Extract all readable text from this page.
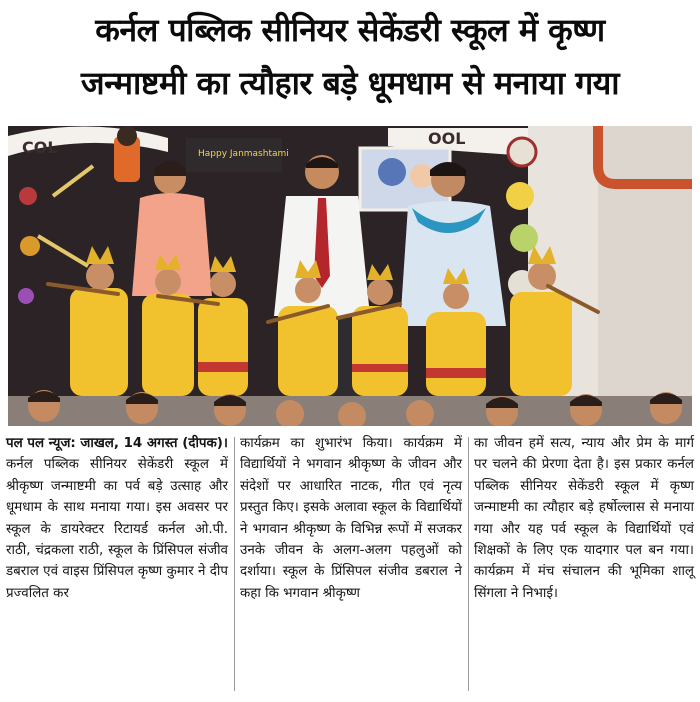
कर्नल पब्लिक सीनियर सेकेंडरी स्कूल में कृष्ण
जन्माष्टमी का त्यौहार बड़े धूमधाम से मनाया गया
COL	OOL
Happy Janmashtami
पल पल न्यूज: जाखल, 14 अगस्त (दीपक)। कर्नल पब्लिक सीनियर सेकेंडरी स्कूल में श्रीकृष्ण जन्माष्टमी का पर्व बड़े उत्साह और धूमधाम के साथ मनाया गया। इस अवसर पर स्कूल के डायरेक्टर रिटायर्ड कर्नल ओ.पी. राठी, चंद्रकला राठी, स्कूल के प्रिंसिपल संजीव डबराल एवं वाइस प्रिंसिपल कृष्ण कुमार ने दीप प्रज्वलित कर
कार्यक्रम का शुभारंभ किया। कार्यक्रम में विद्यार्थियों ने भगवान श्रीकृष्ण के जीवन और संदेशों पर आधारित नाटक, गीत एवं नृत्य प्रस्तुत किए। इसके अलावा स्कूल के विद्यार्थियों ने भगवान श्रीकृष्ण के विभिन्न रूपों में सजकर उनके जीवन के अलग-अलग पहलुओं को दर्शाया। स्कूल के प्रिंसिपल संजीव डबराल ने कहा कि भगवान श्रीकृष्ण
का जीवन हमें सत्य, न्याय और प्रेम के मार्ग पर चलने की प्रेरणा देता है। इस प्रकार कर्नल पब्लिक सीनियर सेकेंडरी स्कूल में कृष्ण जन्माष्टमी का त्यौहार बड़े हर्षोल्लास से मनाया गया और यह पर्व स्कूल के विद्यार्थियों एवं शिक्षकों के लिए एक यादगार पल बन गया। कार्यक्रम में मंच संचालन की भूमिका शालू सिंगला ने निभाई।
